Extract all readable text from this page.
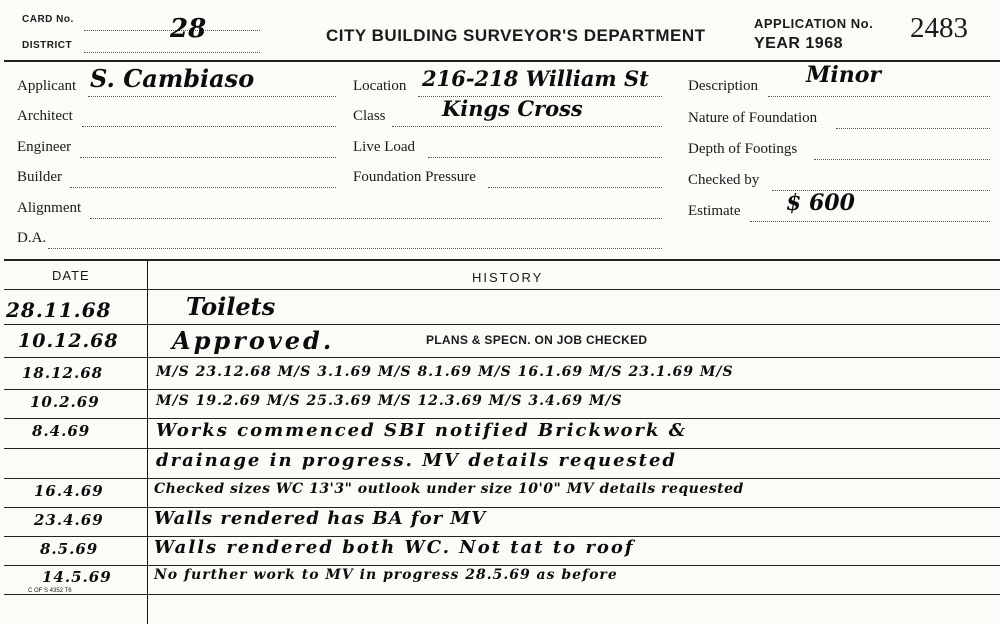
CARD No.	28
DISTRICT
CITY BUILDING SURVEYOR'S DEPARTMENT
APPLICATION No. 2483
YEAR 1968
Applicant S. Cambiaso
Architect
Engineer
Builder
Alignment
D.A.
Location 216-218 William St
Class	Kings Cross
Live Load
Foundation Pressure
Description Minor
Nature of Foundation
Depth of Footings
Checked by
Estimate $ 600
DATE	HISTORY
28.11.68	Toilets
10.12.68 Approved.	PLANS & SPECN. ON JOB CHECKED
18.12.68	M/S 23.12.68 M/S 3.1.69 M/S 8.1.69 M/S 16.1.69 M/S 23.1.69 M/S
10.2.69	M/S 19.2.69 M/S 25.3.69 M/S 12.3.69 M/S 3.4.69 M/S
8.4.69	Works commenced SBI notified Brickwork &
drainage in progress. MV details requested
16.4.69	Checked sizes WC 13'3" outlook under size 10'0" MV details requested
23.4.69	Walls rendered has BA for MV
8.5.69	Walls rendered both WC. Not tat to roof
14.5.69	No further work to MV in progress 28.5.69 as before
C OF S 4352 T6
